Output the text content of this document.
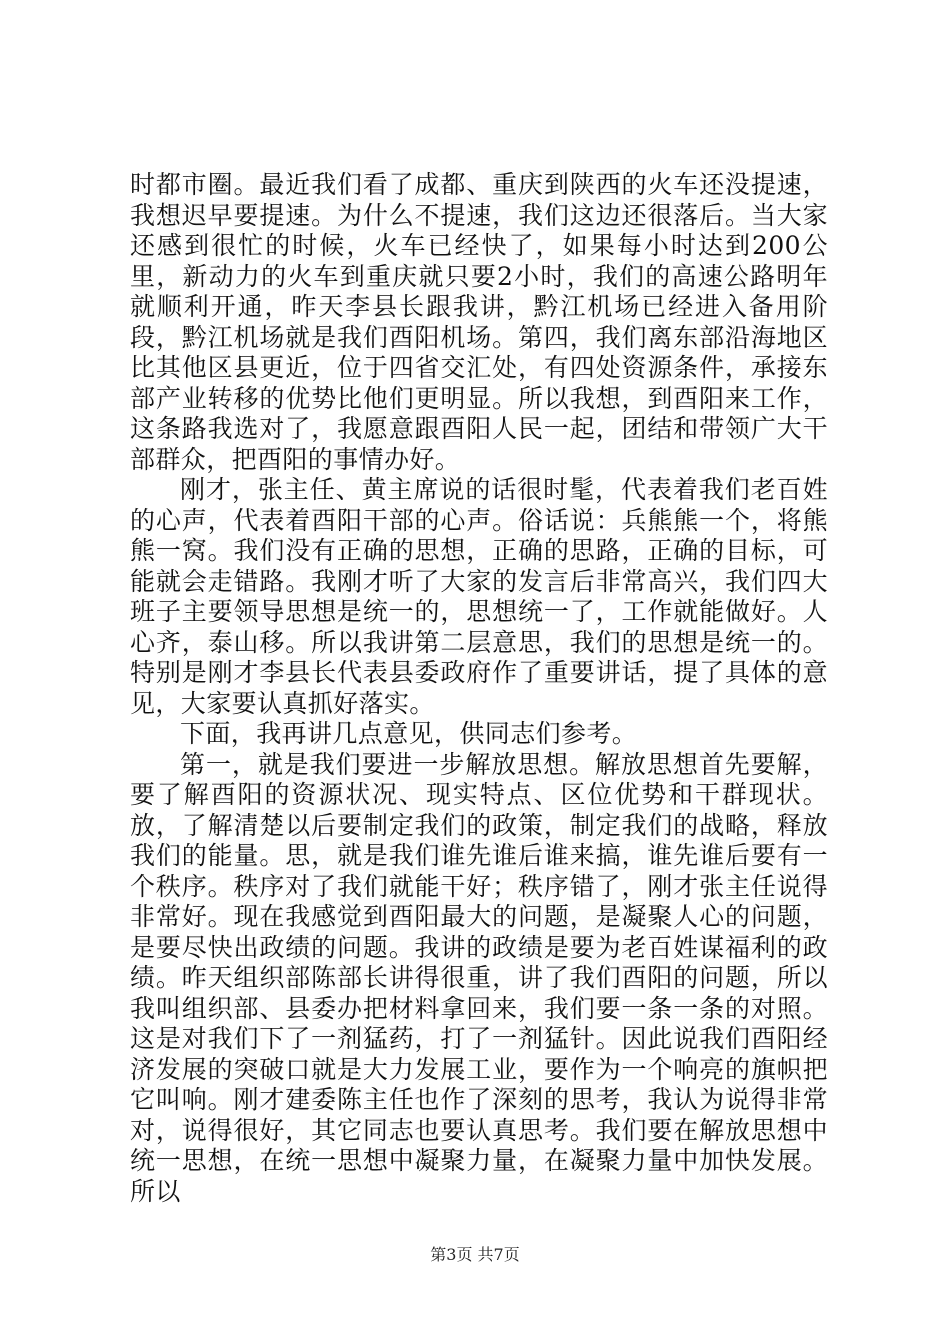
时都市圈。最近我们看了成都、重庆到陕西的火车还没提速，我想迟早要提速。为什么不提速，我们这边还很落后。当大家还感到很忙的时候，火车已经快了，如果每小时达到200公里，新动力的火车到重庆就只要2小时，我们的高速公路明年就顺利开通，昨天李县长跟我讲，黔江机场已经进入备用阶段，黔江机场就是我们酉阳机场。第四，我们离东部沿海地区比其他区县更近，位于四省交汇处，有四处资源条件，承接东部产业转移的优势比他们更明显。所以我想，到酉阳来工作，这条路我选对了，我愿意跟酉阳人民一起，团结和带领广大干部群众，把酉阳的事情办好。

刚才，张主任、黄主席说的话很时髦，代表着我们老百姓的心声，代表着酉阳干部的心声。俗话说：兵熊熊一个，将熊熊一窝。我们没有正确的思想，正确的思路，正确的目标，可能就会走错路。我刚才听了大家的发言后非常高兴，我们四大班子主要领导思想是统一的，思想统一了，工作就能做好。人心齐，泰山移。所以我讲第二层意思，我们的思想是统一的。特别是刚才李县长代表县委政府作了重要讲话，提了具体的意见，大家要认真抓好落实。

下面，我再讲几点意见，供同志们参考。

第一，就是我们要进一步解放思想。解放思想首先要解，要了解酉阳的资源状况、现实特点、区位优势和干群现状。放，了解清楚以后要制定我们的政策，制定我们的战略，释放我们的能量。思，就是我们谁先谁后谁来搞，谁先谁后要有一个秩序。秩序对了我们就能干好；秩序错了，刚才张主任说得非常好。现在我感觉到酉阳最大的问题，是凝聚人心的问题，是要尽快出政绩的问题。我讲的政绩是要为老百姓谋福利的政绩。昨天组织部陈部长讲得很重，讲了我们酉阳的问题，所以我叫组织部、县委办把材料拿回来，我们要一条一条的对照。这是对我们下了一剂猛药，打了一剂猛针。因此说我们酉阳经济发展的突破口就是大力发展工业，要作为一个响亮的旗帜把它叫响。刚才建委陈主任也作了深刻的思考，我认为说得非常对，说得很好，其它同志也要认真思考。我们要在解放思想中统一思想，在统一思想中凝聚力量，在凝聚力量中加快发展。所以

第3页 共7页
